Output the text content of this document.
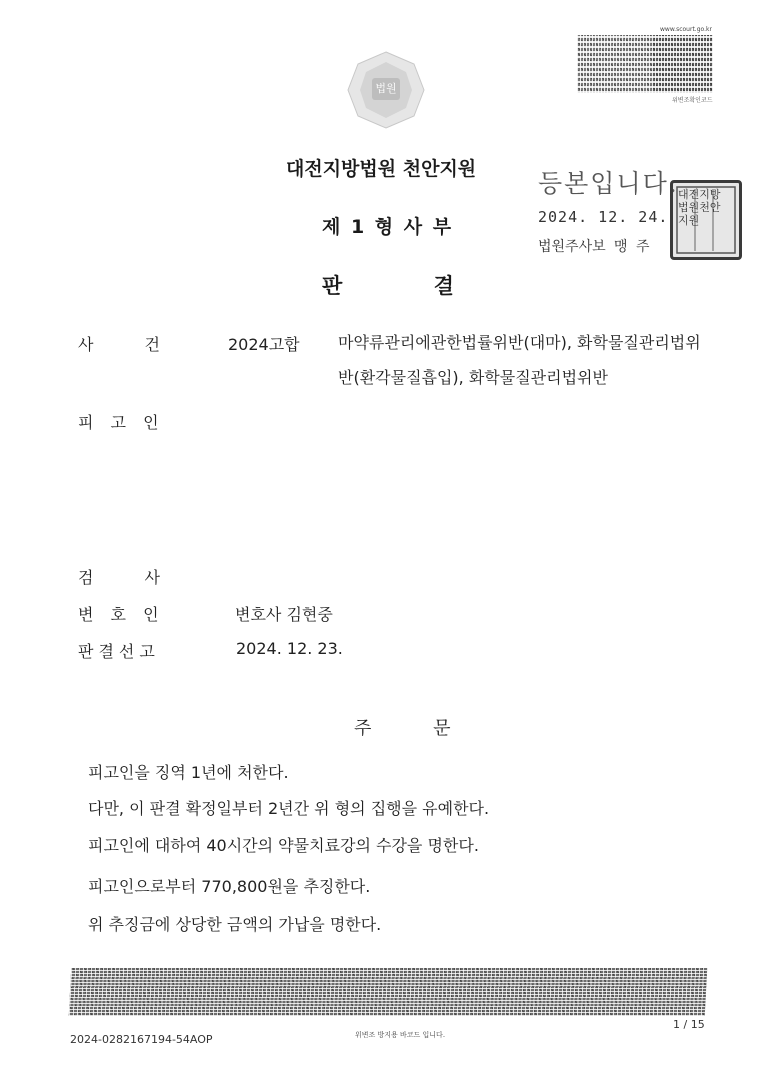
www.scourt.go.kr
위변조확인코드
법원
대전지방법원 천안지원
제 1 형 사 부
판 결
등본입니다.
2024. 12. 24.
법원주사보 맹 주
대전지방법원천안지원
사 건	2024고합 마약류관리에관한법률위반(대마), 화학물질관리법위
반(환각물질흡입), 화학물질관리법위반
피 고 인
검 사
변 호 인	변호사 김현중
판결선고	2024. 12. 23.
주 문
피고인을 징역 1년에 처한다.
다만, 이 판결 확정일부터 2년간 위 형의 집행을 유예한다.
피고인에 대하여 40시간의 약물치료강의 수강을 명한다.
피고인으로부터 770,800원을 추징한다.
위 추징금에 상당한 금액의 가납을 명한다.
위변조 방지용 바코드 입니다.
2024-0282167194-54AOP
1 / 15
